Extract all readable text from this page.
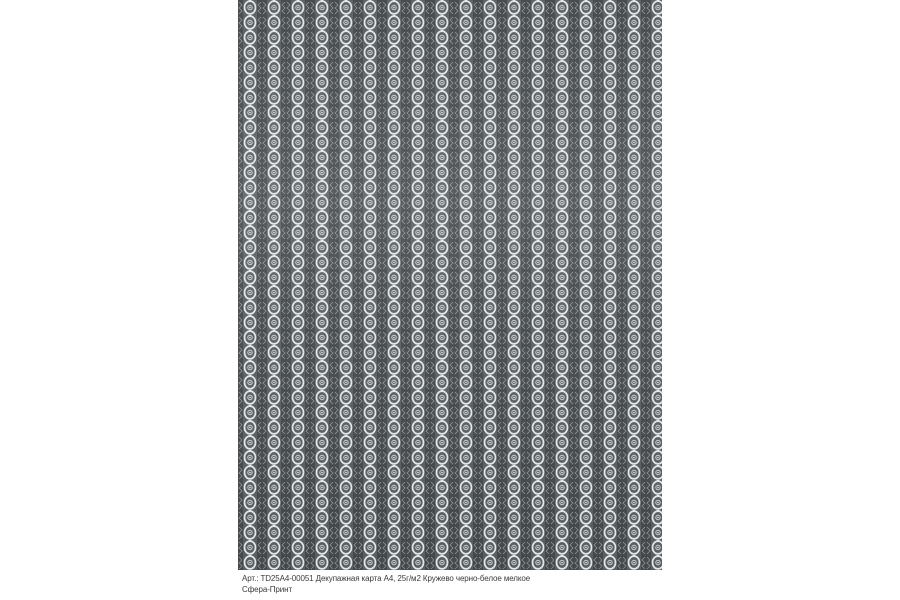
Арт.: TD25A4-00051 Декупажная карта А4, 25г/м2 Кружево черно-белое мелкое
Сфера-Принт
